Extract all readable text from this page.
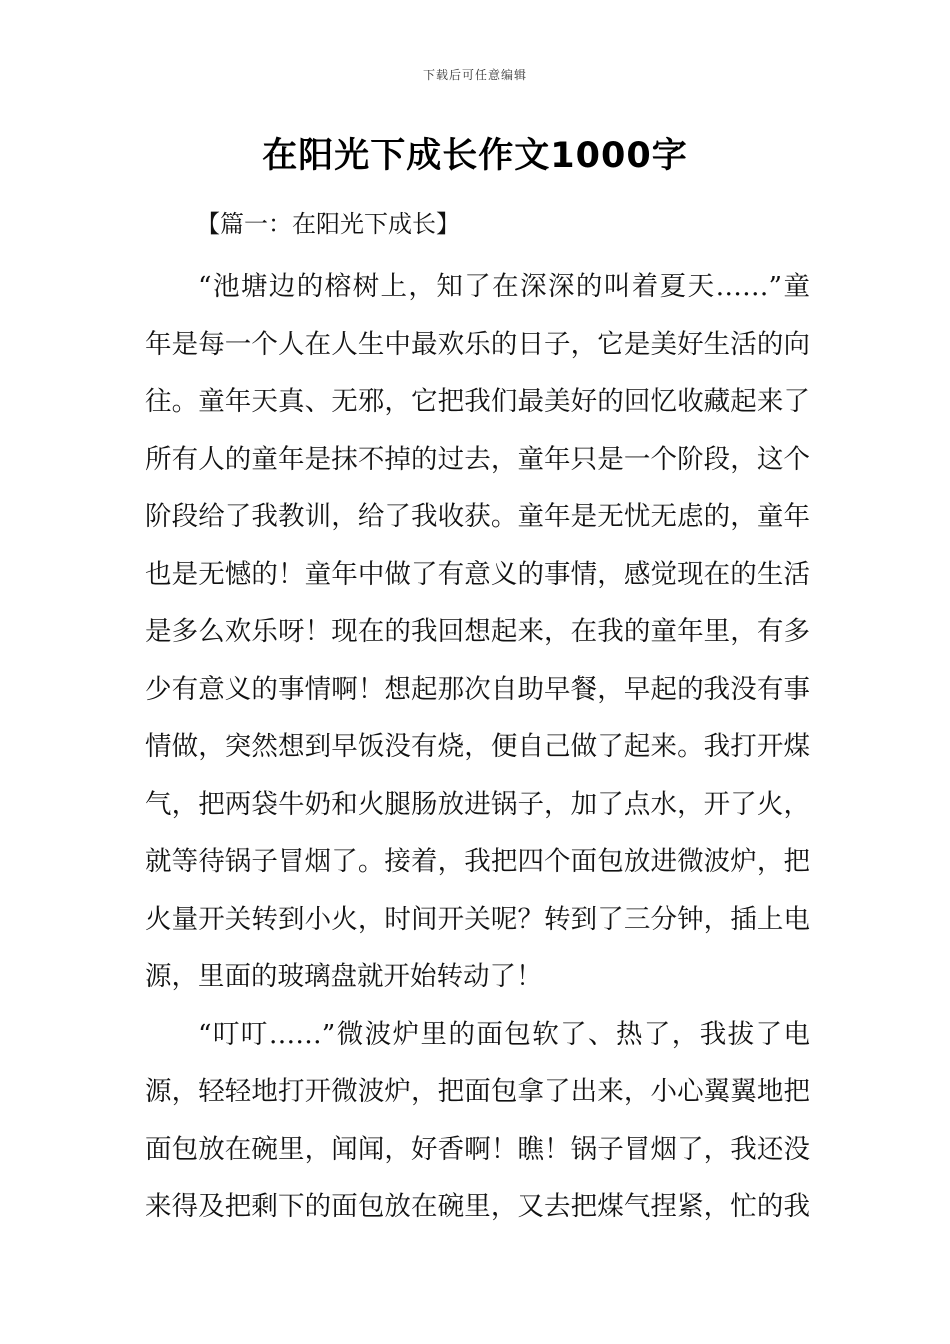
下载后可任意编辑
在阳光下成长作文1000字
【篇一：在阳光下成长】
“池塘边的榕树上，知了在深深的叫着夏天……”童
年是每一个人在人生中最欢乐的日子，它是美好生活的向
往。童年天真、无邪，它把我们最美好的回忆收藏起来了
所有人的童年是抹不掉的过去，童年只是一个阶段，这个
阶段给了我教训，给了我收获。童年是无忧无虑的，童年
也是无憾的！童年中做了有意义的事情，感觉现在的生活
是多么欢乐呀！现在的我回想起来，在我的童年里，有多
少有意义的事情啊！想起那次自助早餐，早起的我没有事
情做，突然想到早饭没有烧，便自己做了起来。我打开煤
气，把两袋牛奶和火腿肠放进锅子，加了点水，开了火，
就等待锅子冒烟了。接着，我把四个面包放进微波炉，把
火量开关转到小火，时间开关呢？转到了三分钟，插上电
源，里面的玻璃盘就开始转动了！
“叮叮……”微波炉里的面包软了、热了，我拔了电
源，轻轻地打开微波炉，把面包拿了出来，小心翼翼地把
面包放在碗里，闻闻，好香啊！瞧！锅子冒烟了，我还没
来得及把剩下的面包放在碗里，又去把煤气捏紧，忙的我
